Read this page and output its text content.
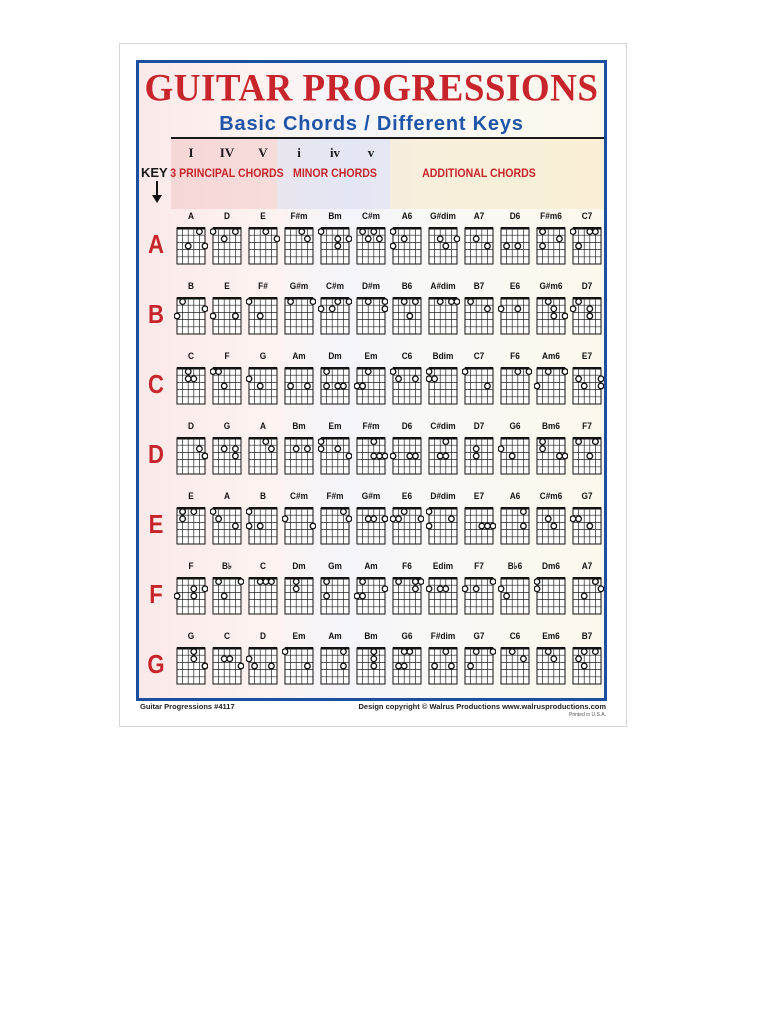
GUITAR PROGRESSIONS
Basic Chords / Different Keys
I IV V i iv v
KEY 3 PRINCIPAL CHORDS MINOR CHORDS	ADDITIONAL CHORDS
A
A	D	E	F#m	Bm	C#m	A6	G#dim	A7	D6	F#m6	C7
B
B	E	F#	G#m	C#m	D#m	B6	A#dim	B7	E6	G#m6	D7
C
C	F	G	Am	Dm	Em	C6	Bdim	C7	F6	Am6	E7
D
D	G	A	Bm	Em	F#m	D6	C#dim	D7	G6	Bm6	F7
E
E	A	B	C#m	F#m	G#m	E6	D#dim	E7	A6	C#m6	G7
F
F	B♭	C	Dm	Gm	Am	F6	Edim	F7	B♭6	Dm6	A7
G
G	C	D	Em	Am	Bm	G6	F#dim	G7	C6	Em6	B7
Guitar Progressions #4117	Design copyright © Walrus Productions www.walrusproductions.com
Printed in U.S.A.
